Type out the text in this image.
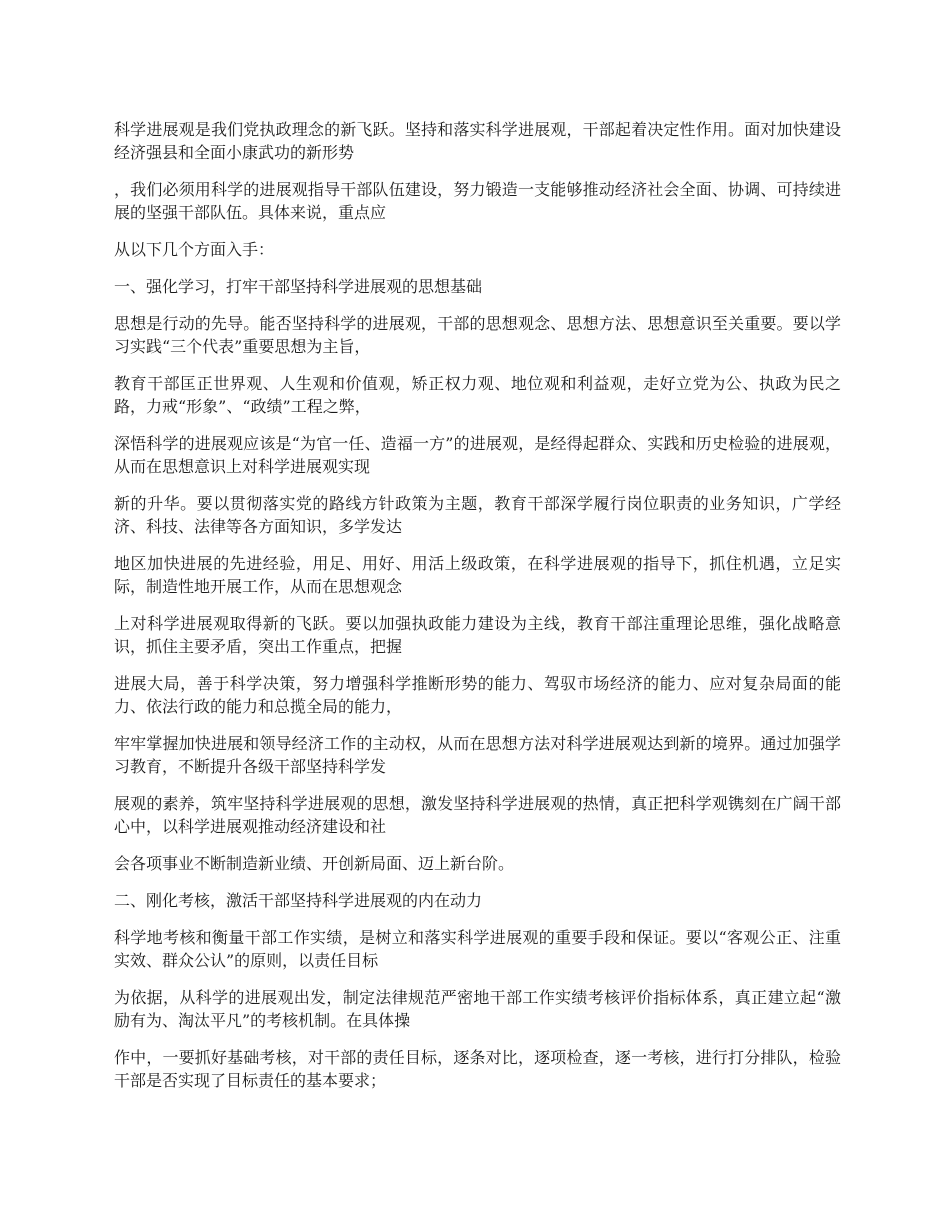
科学进展观是我们党执政理念的新飞跃。坚持和落实科学进展观，干部起着决定性作用。面对加快建设经济强县和全面小康武功的新形势

，我们必须用科学的进展观指导干部队伍建设，努力锻造一支能够推动经济社会全面、协调、可持续进展的坚强干部队伍。具体来说，重点应

从以下几个方面入手：

一、强化学习，打牢干部坚持科学进展观的思想基础

思想是行动的先导。能否坚持科学的进展观，干部的思想观念、思想方法、思想意识至关重要。要以学习实践“三个代表”重要思想为主旨，

教育干部匡正世界观、人生观和价值观，矫正权力观、地位观和利益观，走好立党为公、执政为民之路，力戒“形象”、“政绩”工程之弊，

深悟科学的进展观应该是“为官一任、造福一方”的进展观，是经得起群众、实践和历史检验的进展观，从而在思想意识上对科学进展观实现

新的升华。要以贯彻落实党的路线方针政策为主题，教育干部深学履行岗位职责的业务知识，广学经济、科技、法律等各方面知识，多学发达

地区加快进展的先进经验，用足、用好、用活上级政策，在科学进展观的指导下，抓住机遇，立足实际，制造性地开展工作，从而在思想观念

上对科学进展观取得新的飞跃。要以加强执政能力建设为主线，教育干部注重理论思维，强化战略意识，抓住主要矛盾，突出工作重点，把握

进展大局，善于科学决策，努力增强科学推断形势的能力、驾驭市场经济的能力、应对复杂局面的能力、依法行政的能力和总揽全局的能力，

牢牢掌握加快进展和领导经济工作的主动权，从而在思想方法对科学进展观达到新的境界。通过加强学习教育，不断提升各级干部坚持科学发

展观的素养，筑牢坚持科学进展观的思想，激发坚持科学进展观的热情，真正把科学观镌刻在广阔干部心中，以科学进展观推动经济建设和社

会各项事业不断制造新业绩、开创新局面、迈上新台阶。

二、刚化考核，激活干部坚持科学进展观的内在动力

科学地考核和衡量干部工作实绩，是树立和落实科学进展观的重要手段和保证。要以“客观公正、注重实效、群众公认”的原则，以责任目标

为依据，从科学的进展观出发，制定法律规范严密地干部工作实绩考核评价指标体系，真正建立起“激励有为、淘汰平凡”的考核机制。在具体操

作中，一要抓好基础考核，对干部的责任目标，逐条对比，逐项检查，逐一考核，进行打分排队，检验干部是否实现了目标责任的基本要求；
